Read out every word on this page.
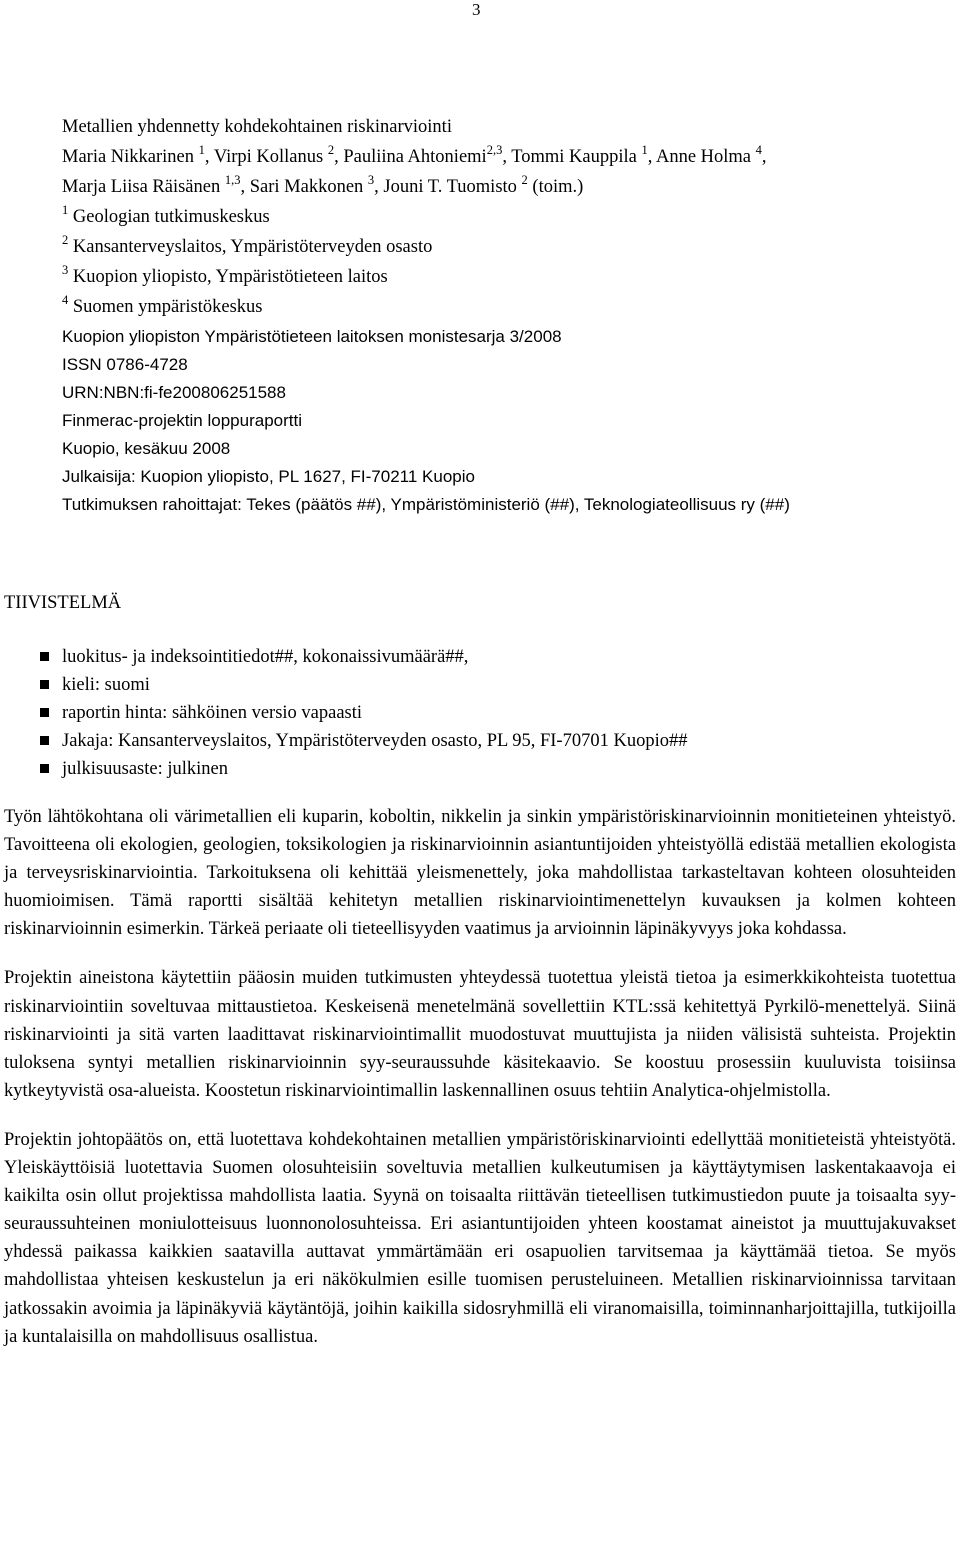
3
Metallien yhdennetty kohdekohtainen riskinarviointi
Maria Nikkarinen $^1$, Virpi Kollanus $^2$, Pauliina Ahtoniemi$^{2,3}$, Tommi Kauppila $^1$, Anne Holma $^4$,
Marja Liisa Räisänen $^{1,3}$, Sari Makkonen $^3$, Jouni T. Tuomisto $^2$ (toim.)
$^1$ Geologian tutkimuskeskus
$^2$ Kansanterveyslaitos, Ympäristöterveyden osasto
$^3$ Kuopion yliopisto, Ympäristötieteen laitos
$^4$ Suomen ympäristökeskus
Kuopion yliopiston Ympäristötieteen laitoksen monistesarja 3/2008
ISSN 0786-4728
URN:NBN:fi-fe200806251588
Finmerac-projektin loppuraportti
Kuopio, kesäkuu 2008
Julkaisija: Kuopion yliopisto, PL 1627, FI-70211 Kuopio
Tutkimuksen rahoittajat: Tekes (päätös ##), Ympäristöministeriö (##), Teknologiateollisuus ry (##)
TIIVISTELMÄ
luokitus- ja indeksointitiedot##, kokonaissivumäärä##,
kieli: suomi
raportin hinta: sähköinen versio vapaasti
Jakaja: Kansanterveyslaitos, Ympäristöterveyden osasto, PL 95, FI-70701 Kuopio##
julkisuusaste: julkinen

Työn lähtökohtana oli värimetallien eli kuparin, koboltin, nikkelin ja sinkin ympäristöriskinarvioinnin monitieteinen yhteistyö. Tavoitteena oli ekologien, geologien, toksikologien ja riskinarvioinnin asiantuntijoiden yhteistyöllä edistää metallien ekologista ja terveysriskinarviointia. Tarkoituksena oli kehittää yleismenettely, joka mahdollistaa tarkasteltavan kohteen olosuhteiden huomioimisen. Tämä raportti sisältää kehitetyn metallien riskinarviointimenettelyn kuvauksen ja kolmen kohteen riskinarvioinnin esimerkin. Tärkeä periaate oli tieteellisyyden vaatimus ja arvioinnin läpinäkyvyys joka kohdassa.

Projektin aineistona käytettiin pääosin muiden tutkimusten yhteydessä tuotettua yleistä tietoa ja esimerkkikohteista tuotettua riskinarviointiin soveltuvaa mittaustietoa. Keskeisenä menetelmänä sovellettiin KTL:ssä kehitettyä Pyrkilö-menettelyä. Siinä riskinarviointi ja sitä varten laadittavat riskinarviointimallit muodostuvat muuttujista ja niiden välisistä suhteista. Projektin tuloksena syntyi metallien riskinarvioinnin syy-seuraussuhde käsitekaavio. Se koostuu prosessiin kuuluvista toisiinsa kytkeytyvistä osa-alueista. Koostetun riskinarviointimallin laskennallinen osuus tehtiin Analytica-ohjelmistolla.

Projektin johtopäätös on, että luotettava kohdekohtainen metallien ympäristöriskinarviointi edellyttää monitieteistä yhteistyötä. Yleiskäyttöisiä luotettavia Suomen olosuhteisiin soveltuvia metallien kulkeutumisen ja käyttäytymisen laskentakaavoja ei kaikilta osin ollut projektissa mahdollista laatia. Syynä on toisaalta riittävän tieteellisen tutkimustiedon puute ja toisaalta syy-seuraussuhteinen moniulotteisuus luonnonolosuhteissa. Eri asiantuntijoiden yhteen koostamat aineistot ja muuttujakuvakset yhdessä paikassa kaikkien saatavilla auttavat ymmärtämään eri osapuolien tarvitsemaa ja käyttämää tietoa. Se myös mahdollistaa yhteisen keskustelun ja eri näkökulmien esille tuomisen perusteluineen. Metallien riskinarvioinnissa tarvitaan jatkossakin avoimia ja läpinäkyviä käytäntöjä, joihin kaikilla sidosryhmillä eli viranomaisilla, toiminnanharjoittajilla, tutkijoilla ja kuntalaisilla on mahdollisuus osallistua.
